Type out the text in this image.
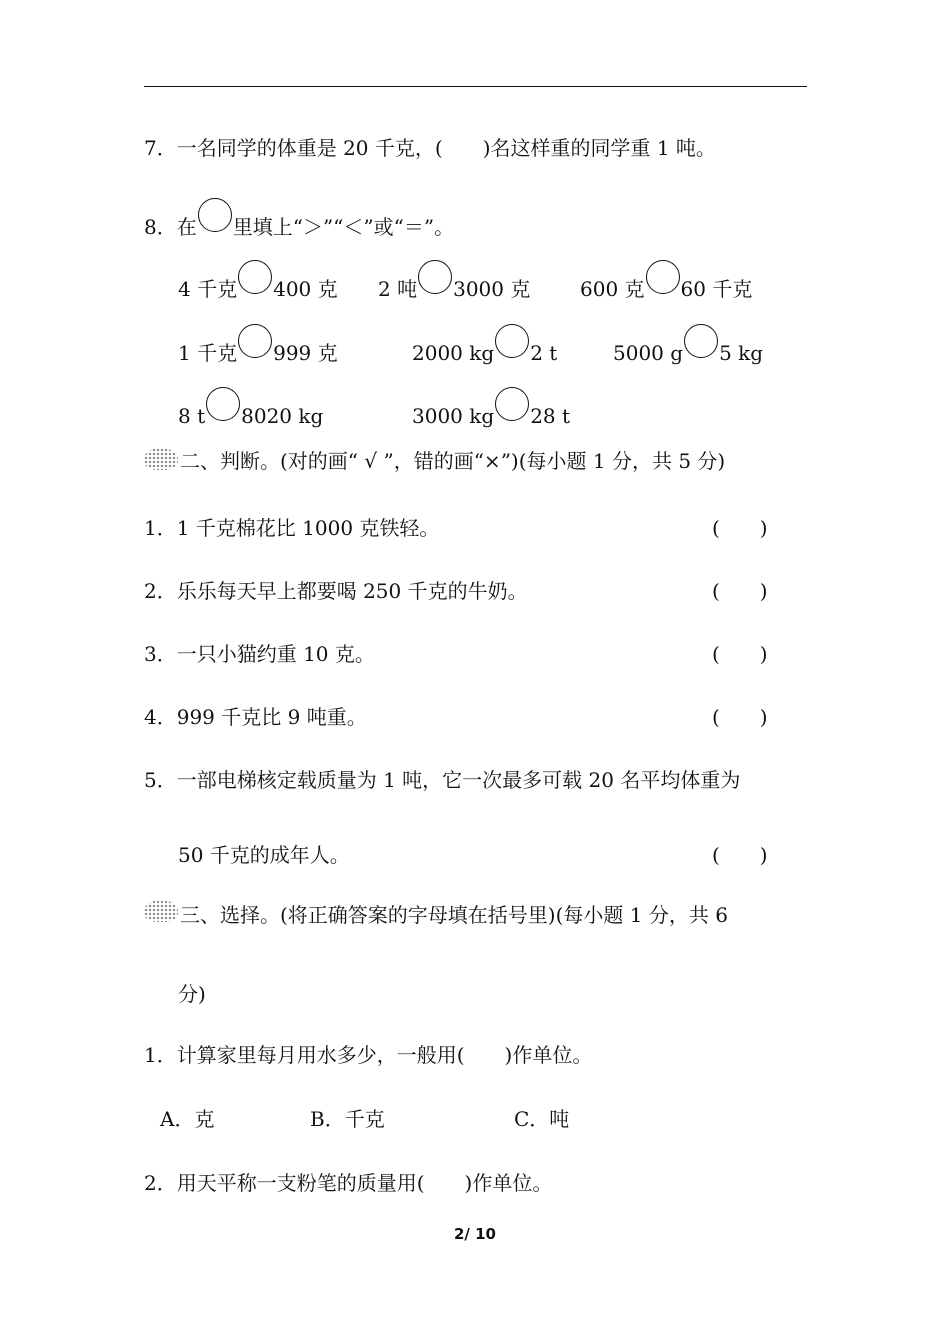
7．一名同学的体重是 20 千克，(　　)名这样重的同学重 1 吨。
8．在 里填上“＞”“＜”或“＝”。
4 千克 400 克 2 吨 3000 克 600 克 60 千克
1 千克 999 克	2000 kg 2 t	5000 g 5 kg
8 t 8020 kg	3000 kg 28 t
二、判断。(对的画“ √ ”，错的画“×”)(每小题 1 分，共 5 分)
1．1 千克棉花比 1000 克铁轻。	(　　)
2．乐乐每天早上都要喝 250 千克的牛奶。	(　　)
3．一只小猫约重 10 克。	(　　)
4．999 千克比 9 吨重。	(　　)
5．一部电梯核定载质量为 1 吨，它一次最多可载 20 名平均体重为
50 千克的成年人。	(　　)
三、选择。(将正确答案的字母填在括号里)(每小题 1 分，共 6
分)
1．计算家里每月用水多少，一般用(　　)作单位。
A．克	B．千克	C．吨
2．用天平称一支粉笔的质量用(　　)作单位。
2/ 10
